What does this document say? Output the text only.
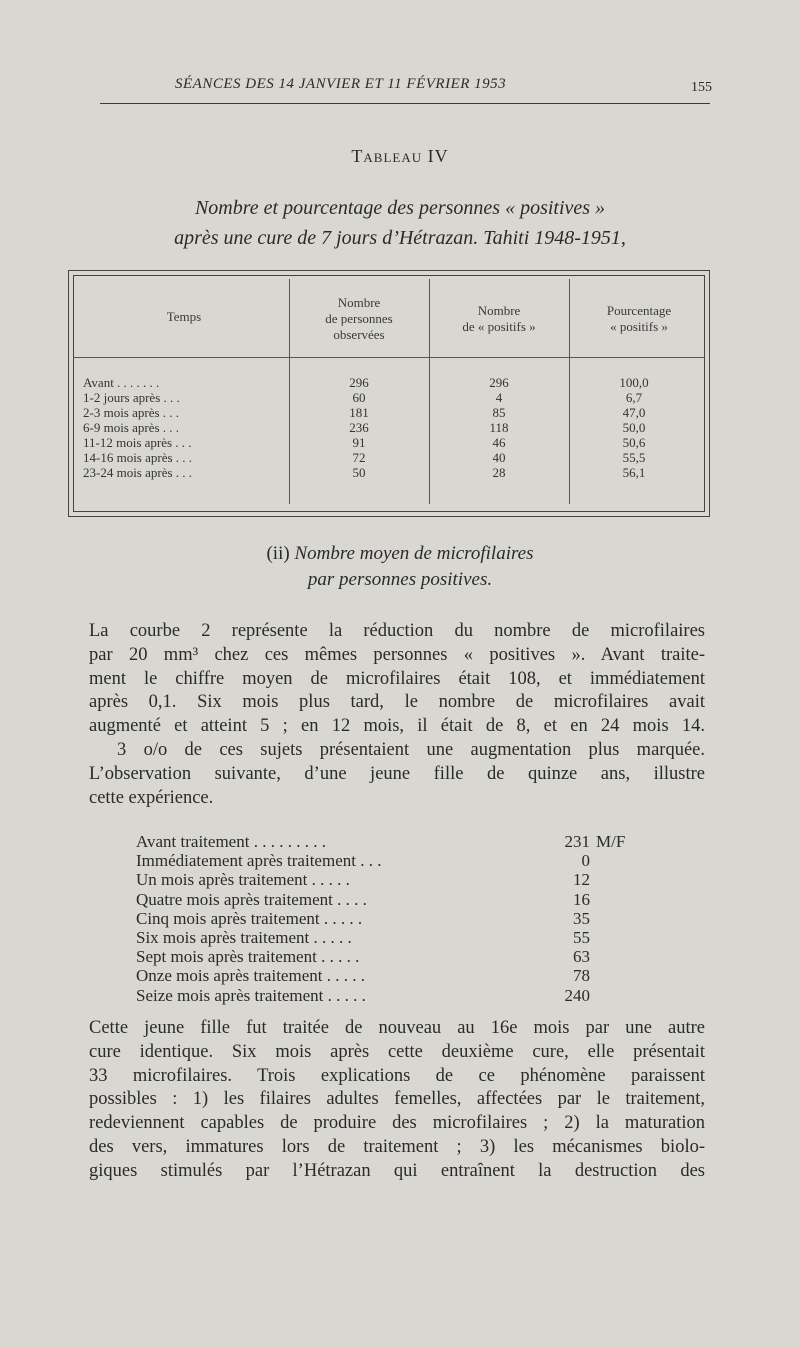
SÉANCES DES 14 JANVIER ET 11 FÉVRIER 1953	155
Tableau IV
Nombre et pourcentage des personnes « positives »
après une cure de 7 jours d’Hétrazan. Tahiti 1948-1951,
Temps
Nombre
de personnes
observées
Nombre
de « positifs »
Pourcentage
« positifs »
Avant . . . . . . .	296	296	100,0
1-2 jours après . . .	60	4	6,7
2-3 mois après . . .	181	85	47,0
6-9 mois après . . .	236	118	50,0
11-12 mois après . . .	91	46	50,6
14-16 mois après . . .	72	40	55,5
23-24 mois après . . .	50	28	56,1
(ii) Nombre moyen de microfilaires
par personnes positives.
La courbe 2 représente la réduction du nombre de microfilaires
par 20 mm³ chez ces mêmes personnes « positives ». Avant traite-
ment le chiffre moyen de microfilaires était 108, et immédiatement
après 0,1. Six mois plus tard, le nombre de microfilaires avait
augmenté et atteint 5 ; en 12 mois, il était de 8, et en 24 mois 14.
3 o/o de ces sujets présentaient une augmentation plus marquée.
L’observation suivante, d’une jeune fille de quinze ans, illustre
cette expérience.
Avant traitement . . . . . . . . .	231 M/F
Immédiatement après traitement . . .	0
Un mois après traitement . . . . .	12
Quatre mois après traitement . . . .	16
Cinq mois après traitement . . . . .	35
Six mois après traitement . . . . .	55
Sept mois après traitement . . . . .	63
Onze mois après traitement . . . . .	78
Seize mois après traitement . . . . .	240
Cette jeune fille fut traitée de nouveau au 16e mois par une autre
cure identique. Six mois après cette deuxième cure, elle présentait
33 microfilaires. Trois explications de ce phénomène paraissent
possibles : 1) les filaires adultes femelles, affectées par le traitement,
redeviennent capables de produire des microfilaires ; 2) la maturation
des vers, immatures lors de traitement ; 3) les mécanismes biolo-
giques stimulés par l’Hétrazan qui entraînent la destruction des
